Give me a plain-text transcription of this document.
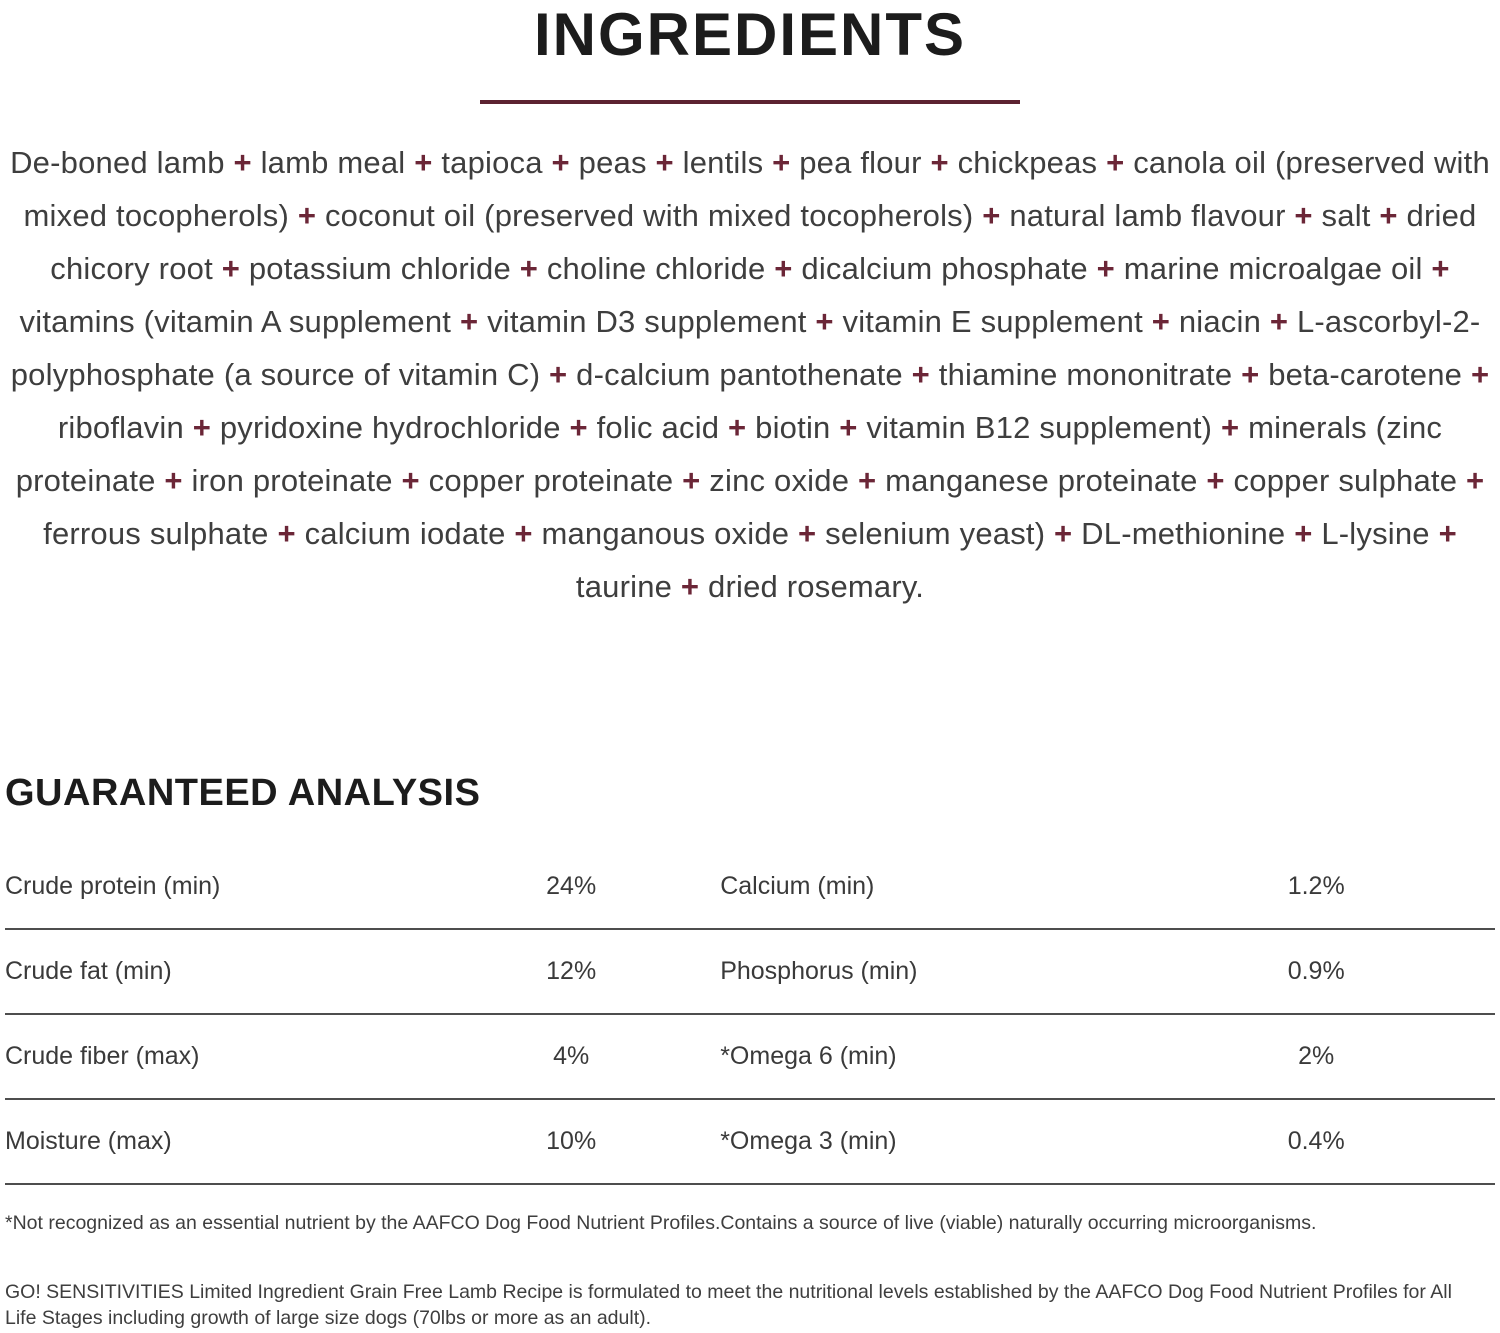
INGREDIENTS

De-boned lamb + lamb meal + tapioca + peas + lentils + pea flour + chickpeas + canola oil (preserved with mixed tocopherols) + coconut oil (preserved with mixed tocopherols) + natural lamb flavour + salt + dried chicory root + potassium chloride + choline chloride + dicalcium phosphate + marine microalgae oil + vitamins (vitamin A supplement + vitamin D3 supplement + vitamin E supplement + niacin + L-ascorbyl-2-polyphosphate (a source of vitamin C) + d-calcium pantothenate + thiamine mononitrate + beta-carotene + riboflavin + pyridoxine hydrochloride + folic acid + biotin + vitamin B12 supplement) + minerals (zinc proteinate + iron proteinate + copper proteinate + zinc oxide + manganese proteinate + copper sulphate + ferrous sulphate + calcium iodate + manganous oxide + selenium yeast) + DL-methionine + L-lysine + taurine + dried rosemary.

GUARANTEED ANALYSIS
Crude protein (min)	24%	Calcium (min)	1.2%
Crude fat (min)	12%	Phosphorus (min)	0.9%
Crude fiber (max)	4%	*Omega 6 (min)	2%
Moisture (max)	10%	*Omega 3 (min)	0.4%

*Not recognized as an essential nutrient by the AAFCO Dog Food Nutrient Profiles.Contains a source of live (viable) naturally occurring microorganisms.

GO! SENSITIVITIES Limited Ingredient Grain Free Lamb Recipe is formulated to meet the nutritional levels established by the AAFCO Dog Food Nutrient Profiles for All Life Stages including growth of large size dogs (70lbs or more as an adult).
